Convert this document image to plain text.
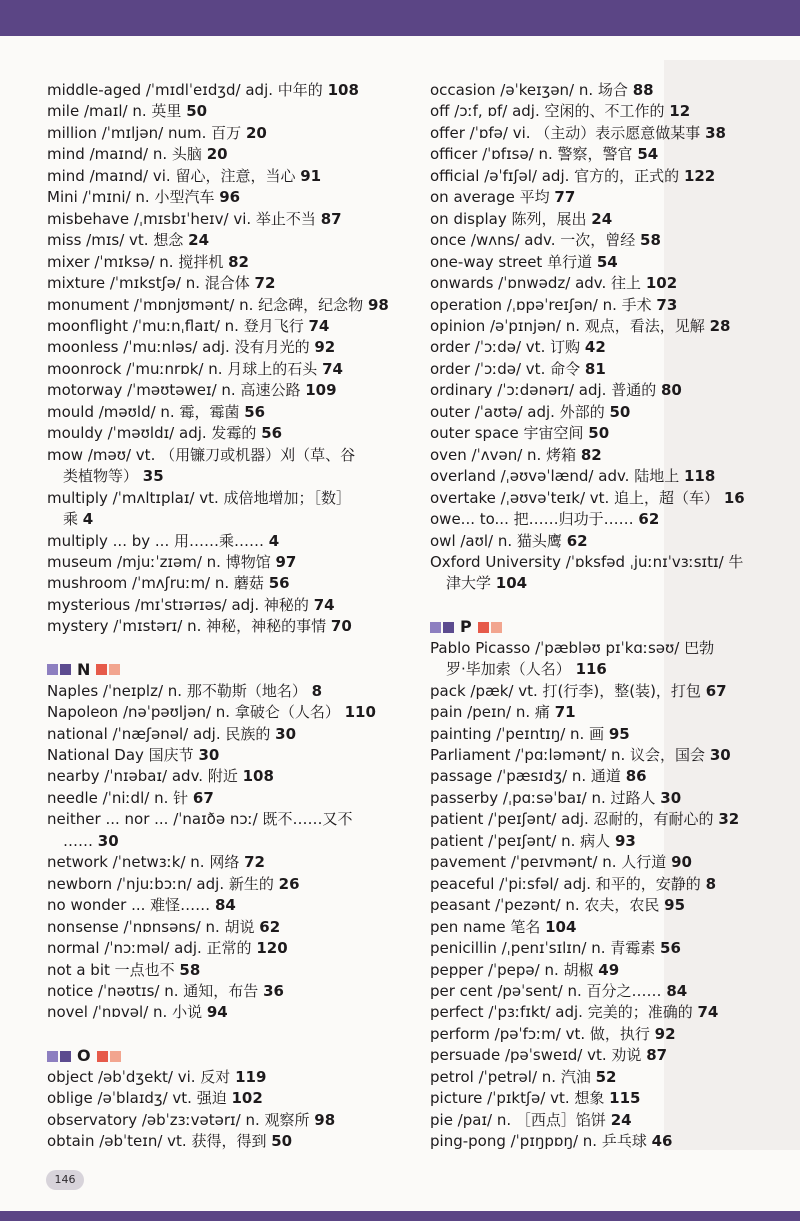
middle-aged /ˈmɪdlˈeɪdʒd/ adj. 中年的 108
mile /maɪl/ n. 英里 50
million /ˈmɪljən/ num. 百万 20
mind /maɪnd/ n. 头脑 20
mind /maɪnd/ vi. 留心，注意，当心 91
Mini /ˈmɪni/ n. 小型汽车 96
misbehave /ˌmɪsbɪˈheɪv/ vi. 举止不当 87
miss /mɪs/ vt. 想念 24
mixer /ˈmɪksə/ n. 搅拌机 82
mixture /ˈmɪkstʃə/ n. 混合体 72
monument /ˈmɒnjʊmənt/ n. 纪念碑，纪念物 98
moonflight /ˈmuːnˌflaɪt/ n. 登月飞行 74
moonless /ˈmuːnləs/ adj. 没有月光的 92
moonrock /ˈmuːnrɒk/ n. 月球上的石头 74
motorway /ˈməʊtəweɪ/ n. 高速公路 109
mould /məʊld/ n. 霉，霉菌 56
mouldy /ˈməʊldɪ/ adj. 发霉的 56
mow /məʊ/ vt. （用镰刀或机器）刈（草、谷
类植物等） 35
multiply /ˈmʌltɪplaɪ/ vt. 成倍地增加；［数］
乘 4
multiply ... by ... 用……乘…… 4
museum /mjuːˈzɪəm/ n. 博物馆 97
mushroom /ˈmʌʃruːm/ n. 蘑菇 56
mysterious /mɪˈstɪərɪəs/ adj. 神秘的 74
mystery /ˈmɪstərɪ/ n. 神秘，神秘的事情 70
N
Naples /ˈneɪplz/ n. 那不勒斯（地名） 8
Napoleon /nəˈpəʊljən/ n. 拿破仑（人名） 110
national /ˈnæʃənəl/ adj. 民族的 30
National Day 国庆节 30
nearby /ˈnɪəbaɪ/ adv. 附近 108
needle /ˈniːdl/ n. 针 67
neither ... nor ... /ˈnaɪðə nɔː/ 既不……又不
…… 30
network /ˈnetwɜːk/ n. 网络 72
newborn /ˈnjuːbɔːn/ adj. 新生的 26
no wonder ... 难怪…… 84
nonsense /ˈnɒnsəns/ n. 胡说 62
normal /ˈnɔːməl/ adj. 正常的 120
not a bit 一点也不 58
notice /ˈnəʊtɪs/ n. 通知，布告 36
novel /ˈnɒvəl/ n. 小说 94
O
object /əbˈdʒekt/ vi. 反对 119
oblige /əˈblaɪdʒ/ vt. 强迫 102
observatory /əbˈzɜːvətərɪ/ n. 观察所 98
obtain /əbˈteɪn/ vt. 获得，得到 50
occasion /əˈkeɪʒən/ n. 场合 88
off /ɔːf, ɒf/ adj. 空闲的、不工作的 12
offer /ˈɒfə/ vi. （主动）表示愿意做某事 38
officer /ˈɒfɪsə/ n. 警察，警官 54
official /əˈfɪʃəl/ adj. 官方的，正式的 122
on average 平均 77
on display 陈列，展出 24
once /wʌns/ adv. 一次，曾经 58
one-way street 单行道 54
onwards /ˈɒnwədz/ adv. 往上 102
operation /ˌɒpəˈreɪʃən/ n. 手术 73
opinion /əˈpɪnjən/ n. 观点，看法，见解 28
order /ˈɔːdə/ vt. 订购 42
order /ˈɔːdə/ vt. 命令 81
ordinary /ˈɔːdənərɪ/ adj. 普通的 80
outer /ˈaʊtə/ adj. 外部的 50
outer space 宇宙空间 50
oven /ˈʌvən/ n. 烤箱 82
overland /ˌəʊvəˈlænd/ adv. 陆地上 118
overtake /ˌəʊvəˈteɪk/ vt. 追上，超（车） 16
owe... to... 把……归功于…… 62
owl /aʊl/ n. 猫头鹰 62
Oxford University /ˈɒksfəd ˌjuːnɪˈvɜːsɪtɪ/ 牛
津大学 104
P
Pablo Picasso /ˈpæbləʊ pɪˈkɑːsəʊ/ 巴勃
罗·毕加索（人名） 116
pack /pæk/ vt. 打(行李)，整(装)，打包 67
pain /peɪn/ n. 痛 71
painting /ˈpeɪntɪŋ/ n. 画 95
Parliament /ˈpɑːləmənt/ n. 议会，国会 30
passage /ˈpæsɪdʒ/ n. 通道 86
passerby /ˌpɑːsəˈbaɪ/ n. 过路人 30
patient /ˈpeɪʃənt/ adj. 忍耐的，有耐心的 32
patient /ˈpeɪʃənt/ n. 病人 93
pavement /ˈpeɪvmənt/ n. 人行道 90
peaceful /ˈpiːsfəl/ adj. 和平的，安静的 8
peasant /ˈpezənt/ n. 农夫，农民 95
pen name 笔名 104
penicillin /ˌpenɪˈsɪlɪn/ n. 青霉素 56
pepper /ˈpepə/ n. 胡椒 49
per cent /pəˈsent/ n. 百分之…… 84
perfect /ˈpɜːfɪkt/ adj. 完美的；准确的 74
perform /pəˈfɔːm/ vt. 做，执行 92
persuade /pəˈsweɪd/ vt. 劝说 87
petrol /ˈpetrəl/ n. 汽油 52
picture /ˈpɪktʃə/ vt. 想象 115
pie /paɪ/ n. ［西点］馅饼 24
ping-pong /ˈpɪŋpɒŋ/ n. 乒乓球 46
146
